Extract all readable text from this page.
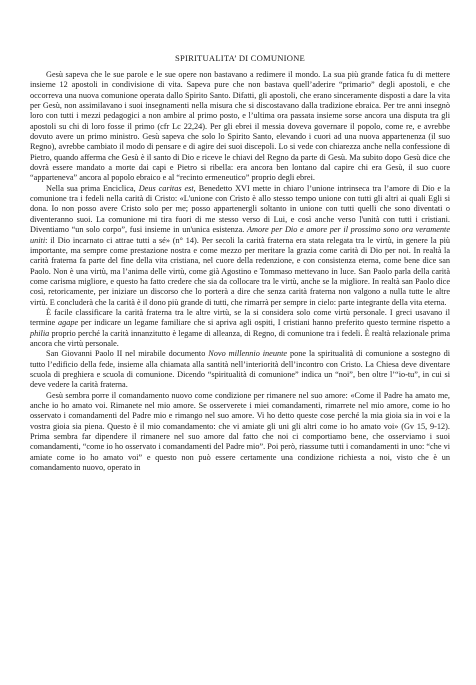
SPIRITUALITA’ DI COMUNIONE

Gesù sapeva che le sue parole e le sue opere non bastavano a redimere il mondo. La sua più grande fatica fu di mettere insieme 12 apostoli in condivisione di vita. Sapeva pure che non bastava quell’aderire “primario” degli apostoli, e che occorreva una nuova comunione operata dallo Spirito Santo. Difatti, gli apostoli, che erano sinceramente disposti a dare la vita per Gesù, non assimilavano i suoi insegnamenti nella misura che si discostavano dalla tradizione ebraica. Per tre anni insegnò loro con tutti i mezzi pedagogici a non ambire al primo posto, e l’ultima ora passata insieme sorse ancora una disputa tra gli apostoli su chi di loro fosse il primo (cfr Lc 22,24). Per gli ebrei il messia doveva governare il popolo, come re, e avrebbe dovuto avere un primo ministro. Gesù sapeva che solo lo Spirito Santo, elevando i cuori ad una nuova appartenenza (il suo Regno), avrebbe cambiato il modo di pensare e di agire dei suoi discepoli. Lo si vede con chiarezza anche nella confessione di Pietro, quando afferma che Gesù è il santo di Dio e riceve le chiavi del Regno da parte di Gesù. Ma subito dopo Gesù dice che dovrà essere mandato a morte dai capi e Pietro si ribella: era ancora ben lontano dal capire chi era Gesù, il suo cuore “apparteneva” ancora al popolo ebraico e al “recinto ermeneutico” proprio degli ebrei.

Nella sua prima Enciclica, Deus caritas est, Benedetto XVI mette in chiaro l’unione intrinseca tra l’amore di Dio e la comunione tra i fedeli nella carità di Cristo: «L'unione con Cristo è allo stesso tempo unione con tutti gli altri ai quali Egli si dona. Io non posso avere Cristo solo per me; posso appartenergli soltanto in unione con tutti quelli che sono diventati o diventeranno suoi. La comunione mi tira fuori di me stesso verso di Lui, e così anche verso l'unità con tutti i cristiani. Diventiamo “un solo corpo”, fusi insieme in un'unica esistenza. Amore per Dio e amore per il prossimo sono ora veramente uniti: il Dio incarnato ci attrae tutti a sé» (n° 14). Per secoli la carità fraterna era stata relegata tra le virtù, in genere la più importante, ma sempre come prestazione nostra e come mezzo per meritare la grazia come carità di Dio per noi. In realtà la carità fraterna fa parte del fine della vita cristiana, nel cuore della redenzione, e con consistenza eterna, come bene dice san Paolo. Non è una virtù, ma l’anima delle virtù, come già Agostino e Tommaso mettevano in luce. San Paolo parla della carità come carisma migliore, e questo ha fatto credere che sia da collocare tra le virtù, anche se la migliore. In realtà san Paolo dice così, retoricamente, per iniziare un discorso che lo porterà a dire che senza carità fraterna non valgono a nulla tutte le altre virtù. E concluderà che la carità è il dono più grande di tutti, che rimarrà per sempre in cielo: parte integrante della vita eterna.

È facile classificare la carità fraterna tra le altre virtù, se la si considera solo come virtù personale. I greci usavano il termine agape per indicare un legame familiare che si apriva agli ospiti, I cristiani hanno preferito questo termine rispetto a philia proprio perché la carità innanzitutto è legame di alleanza, di Regno, di comunione tra i fedeli. È realtà relazionale prima ancora che virtù personale.

San Giovanni Paolo II nel mirabile documento Novo millennio ineunte pone la spiritualità di comunione a sostegno di tutto l’edificio della fede, insieme alla chiamata alla santità nell’interiorità dell’incontro con Cristo. La Chiesa deve diventare scuola di preghiera e scuola di comunione. Dicendo “spiritualità di comunione” indica un “noi”, ben oltre l’“io-tu”, in cui si deve vedere la carità fraterna.

Gesù sembra porre il comandamento nuovo come condizione per rimanere nel suo amore: «Come il Padre ha amato me, anche io ho amato voi. Rimanete nel mio amore. Se osserverete i miei comandamenti, rimarrete nel mio amore, come io ho osservato i comandamenti del Padre mio e rimango nel suo amore. Vi ho detto queste cose perché la mia gioia sia in voi e la vostra gioia sia piena. Questo è il mio comandamento: che vi amiate gli uni gli altri come io ho amato voi» (Gv 15, 9-12). Prima sembra far dipendere il rimanere nel suo amore dal fatto che noi ci comportiamo bene, che osserviamo i suoi comandamenti, “come io ho osservato i comandamenti del Padre mio”. Poi però, riassume tutti i comandamenti in uno: “che vi amiate come io ho amato voi” e questo non può essere certamente una condizione richiesta a noi, visto che è un comandamento nuovo, operato in
